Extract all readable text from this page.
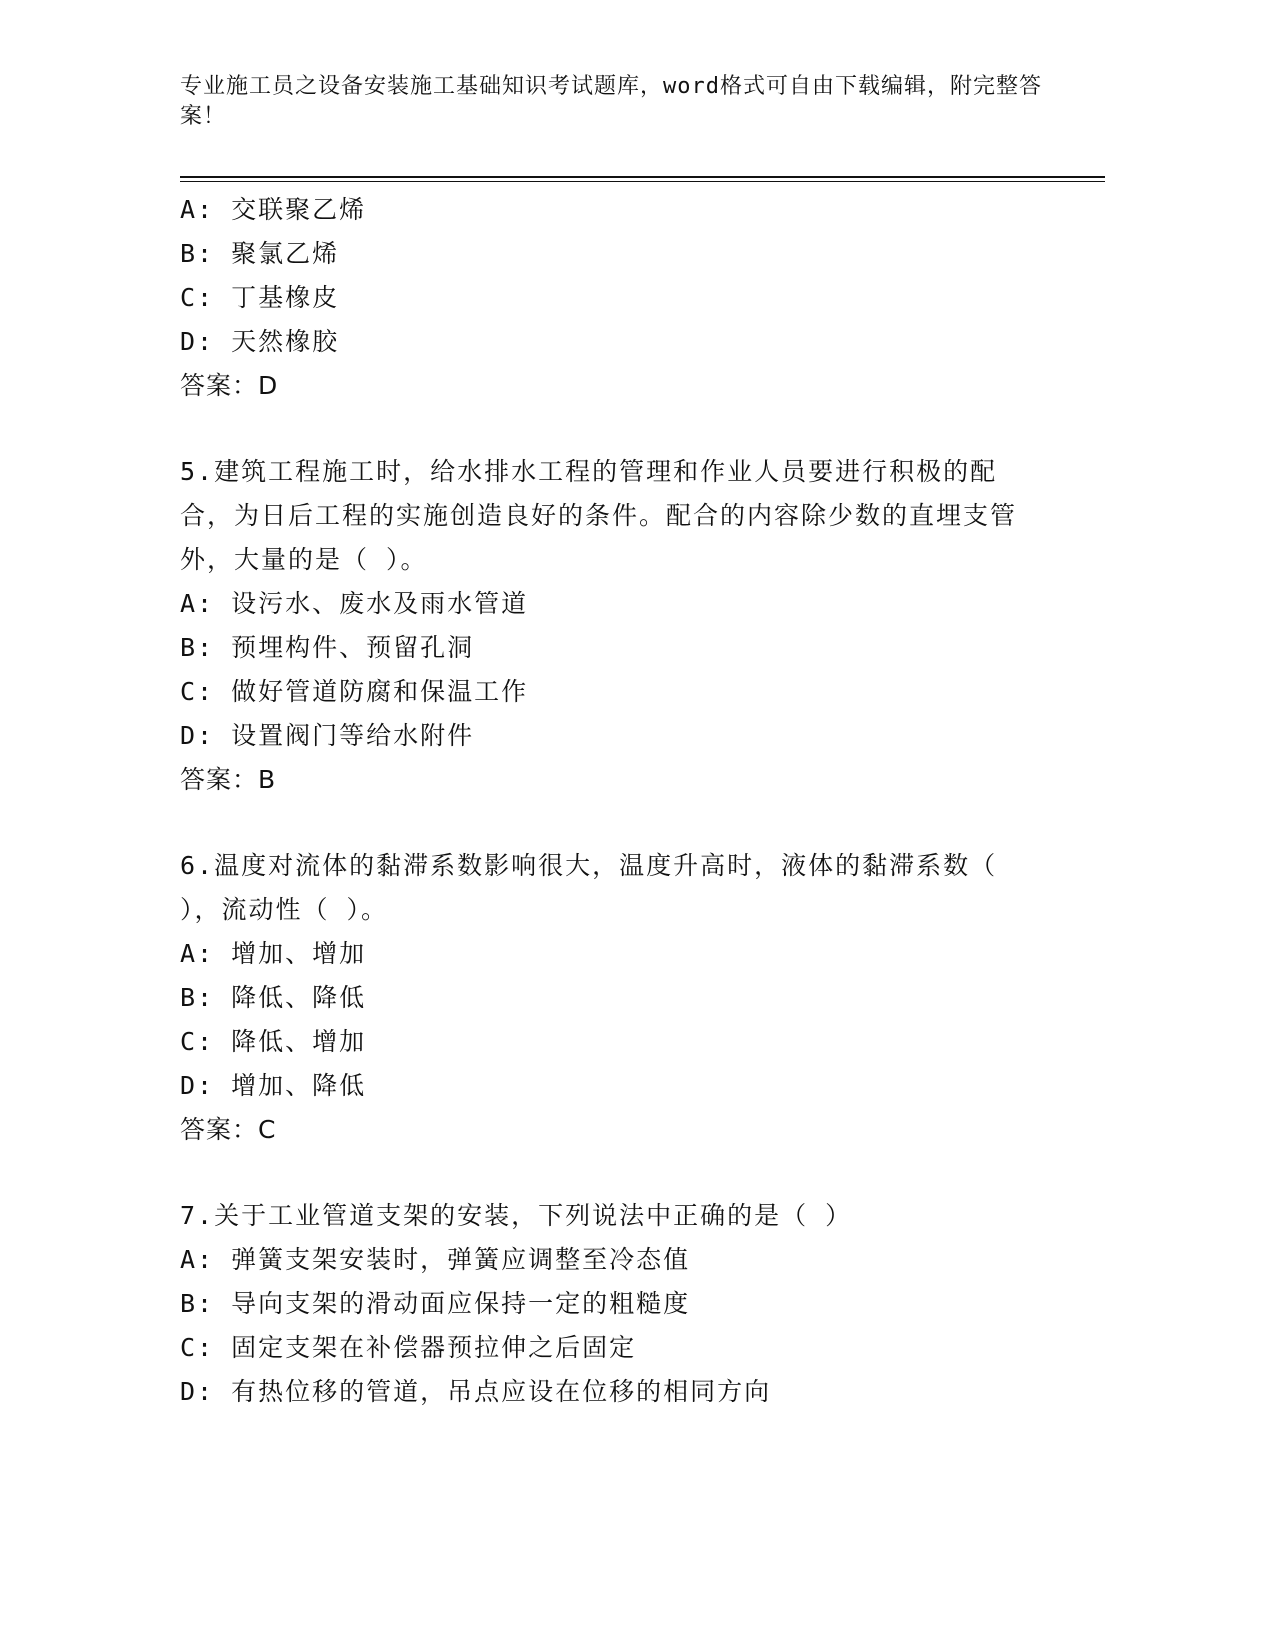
专业施工员之设备安装施工基础知识考试题库，word格式可自由下载编辑，附完整答案！
A: 交联聚乙烯
B: 聚氯乙烯
C: 丁基橡皮
D: 天然橡胶
答案：D
5.建筑工程施工时，给水排水工程的管理和作业人员要进行积极的配合，为日后工程的实施创造良好的条件。配合的内容除少数的直埋支管外，大量的是（ ）。
A: 设污水、废水及雨水管道
B: 预埋构件、预留孔洞
C: 做好管道防腐和保温工作
D: 设置阀门等给水附件
答案：B
6.温度对流体的黏滞系数影响很大，温度升高时，液体的黏滞系数（ ），流动性（ ）。
A: 增加、增加
B: 降低、降低
C: 降低、增加
D: 增加、降低
答案：C
7.关于工业管道支架的安装，下列说法中正确的是（ ）
A: 弹簧支架安装时，弹簧应调整至冷态值
B: 导向支架的滑动面应保持一定的粗糙度
C: 固定支架在补偿器预拉伸之后固定
D: 有热位移的管道，吊点应设在位移的相同方向
